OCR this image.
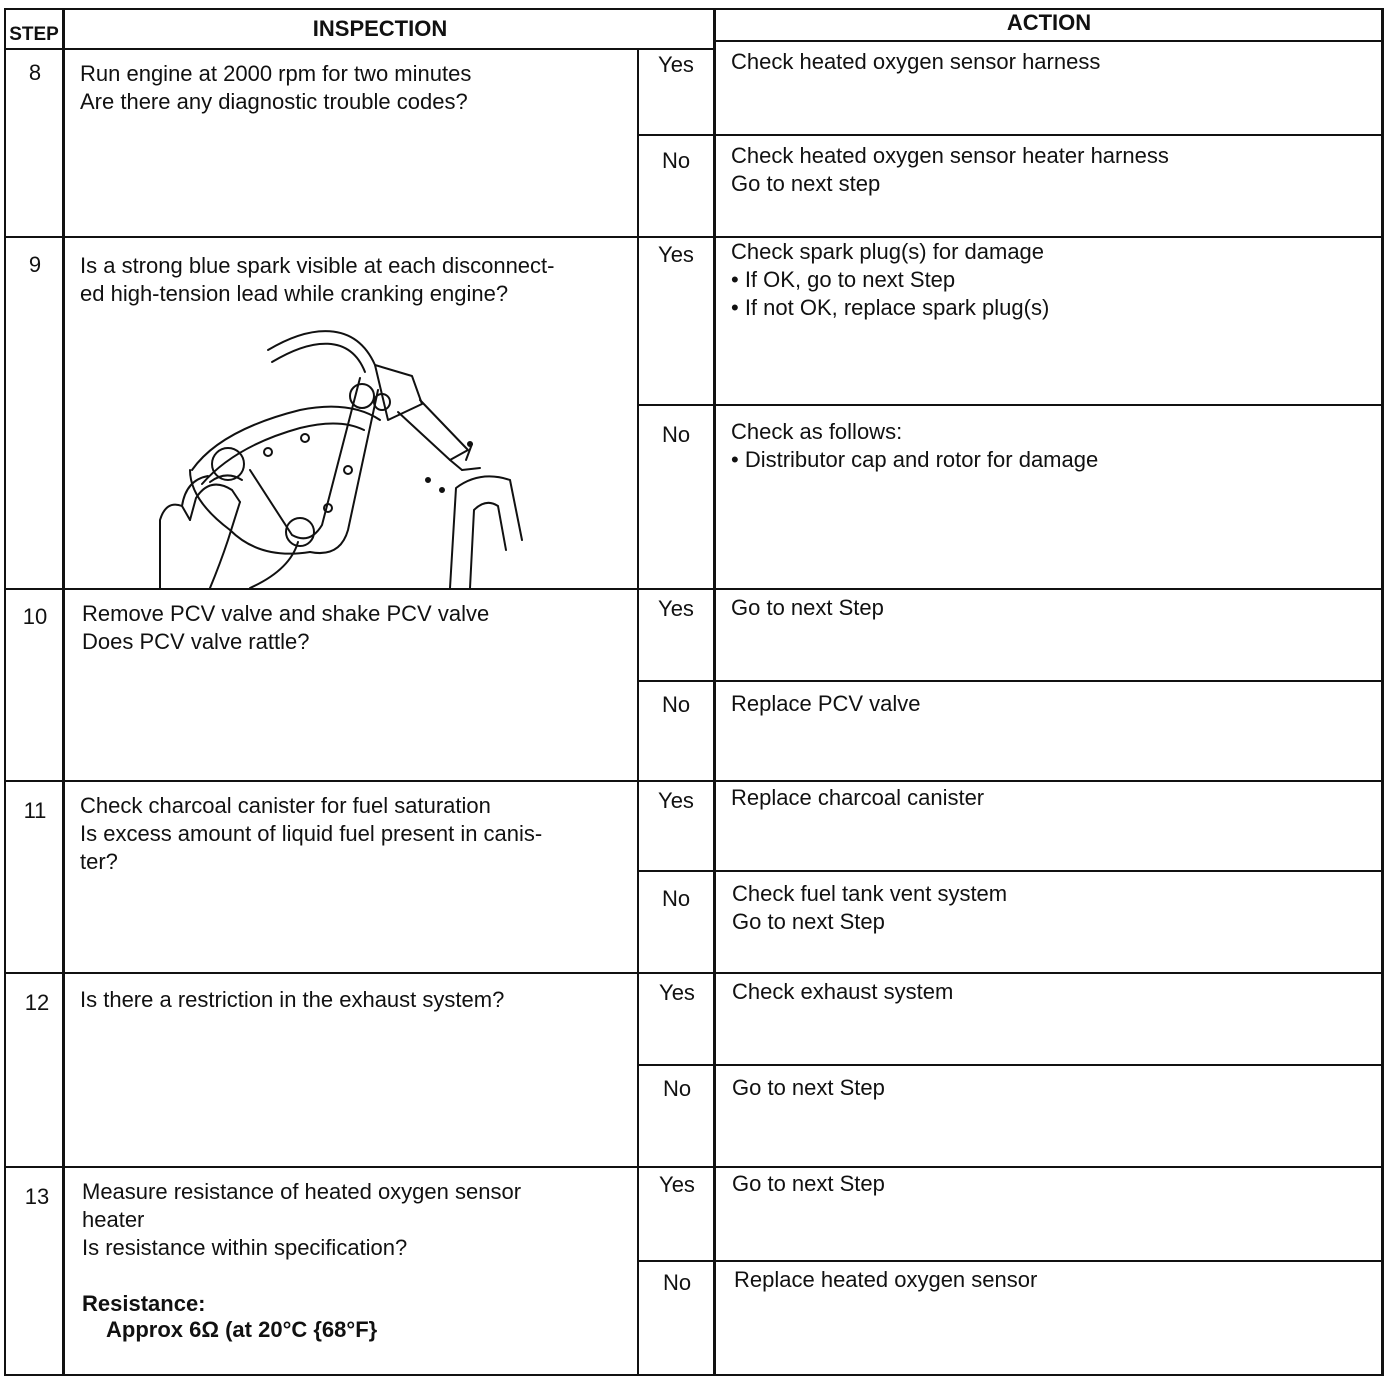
STEP	INSPECTION	ACTION
8	Run engine at 2000 rpm for two minutes
Are there any diagnostic trouble codes?
Yes	Check heated oxygen sensor harness
No	Check heated oxygen sensor heater harness
Go to next step
9	Is a strong blue spark visible at each disconnect-
ed high-tension lead while cranking engine?
Yes	Check spark plug(s) for damage
• If OK, go to next Step
• If not OK, replace spark plug(s)
No	Check as follows:
• Distributor cap and rotor for damage
10	Remove PCV valve and shake PCV valve
Does PCV valve rattle?
Yes	Go to next Step
No	Replace PCV valve
11	Check charcoal canister for fuel saturation
Is excess amount of liquid fuel present in canis-
ter?
Yes	Replace charcoal canister
No	Check fuel tank vent system
Go to next Step
12	Is there a restriction in the exhaust system?	Yes	Check exhaust system
No	Go to next Step
13	Measure resistance of heated oxygen sensor
heater
Is resistance within specification?
Resistance:
Approx 6Ω (at 20°C {68°F}
Yes	Go to next Step
No	Replace heated oxygen sensor
